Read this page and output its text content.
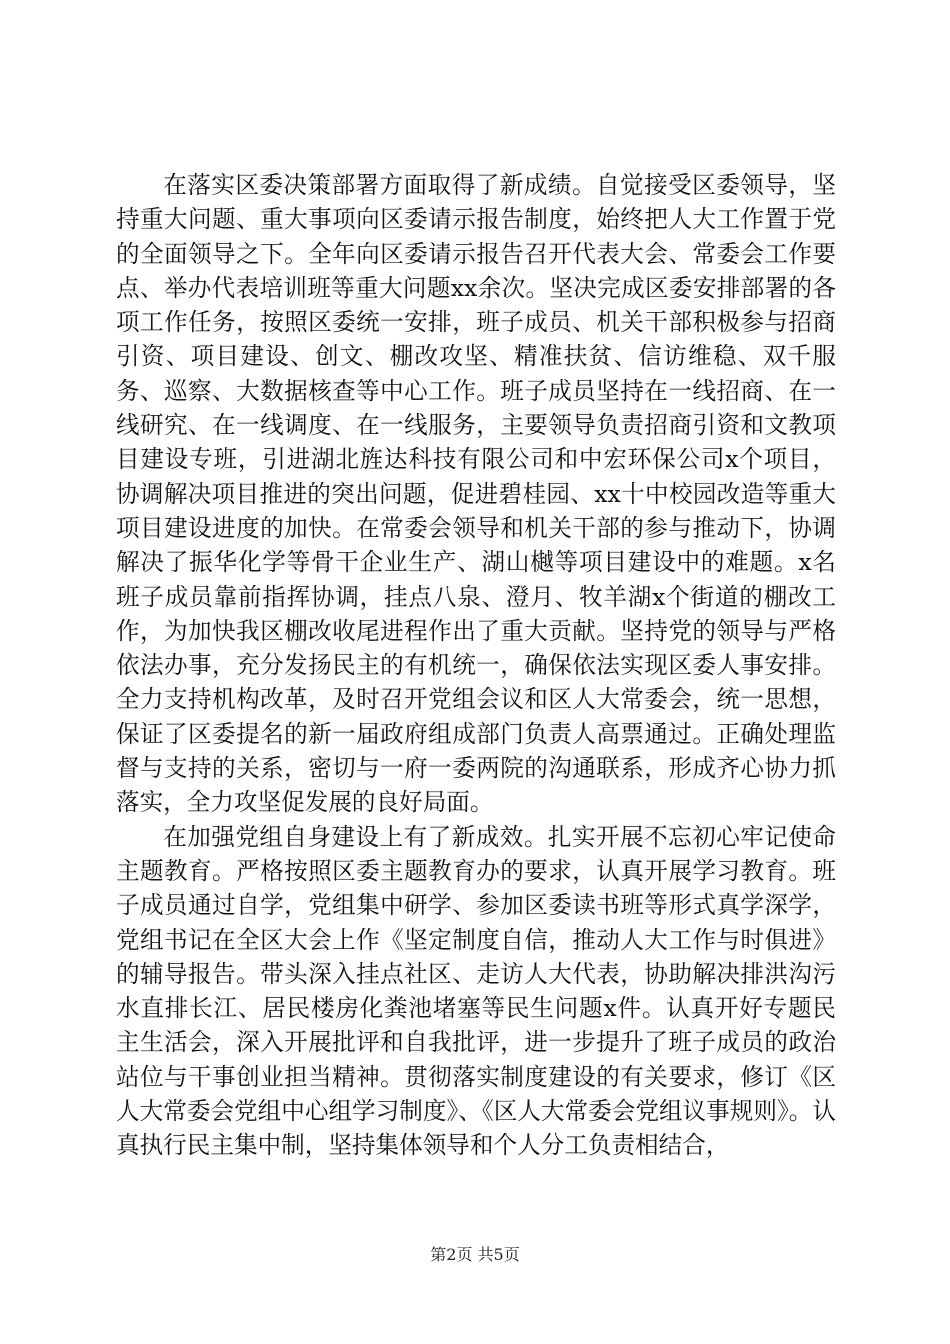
在落实区委决策部署方面取得了新成绩。自觉接受区委领导，坚持重大问题、重大事项向区委请示报告制度，始终把人大工作置于党的全面领导之下。全年向区委请示报告召开代表大会、常委会工作要点、举办代表培训班等重大问题xx余次。坚决完成区委安排部署的各项工作任务，按照区委统一安排，班子成员、机关干部积极参与招商引资、项目建设、创文、棚改攻坚、精准扶贫、信访维稳、双千服务、巡察、大数据核查等中心工作。班子成员坚持在一线招商、在一线研究、在一线调度、在一线服务，主要领导负责招商引资和文教项目建设专班，引进湖北旌达科技有限公司和中宏环保公司x个项目，协调解决项目推进的突出问题，促进碧桂园、xx十中校园改造等重大项目建设进度的加快。在常委会领导和机关干部的参与推动下，协调解决了振华化学等骨干企业生产、湖山樾等项目建设中的难题。x名班子成员靠前指挥协调，挂点八泉、澄月、牧羊湖x个街道的棚改工作，为加快我区棚改收尾进程作出了重大贡献。坚持党的领导与严格依法办事，充分发扬民主的有机统一，确保依法实现区委人事安排。全力支持机构改革，及时召开党组会议和区人大常委会，统一思想，保证了区委提名的新一届政府组成部门负责人高票通过。正确处理监督与支持的关系，密切与一府一委两院的沟通联系，形成齐心协力抓落实，全力攻坚促发展的良好局面。

在加强党组自身建设上有了新成效。扎实开展不忘初心牢记使命主题教育。严格按照区委主题教育办的要求，认真开展学习教育。班子成员通过自学，党组集中研学、参加区委读书班等形式真学深学，党组书记在全区大会上作《坚定制度自信，推动人大工作与时俱进》的辅导报告。带头深入挂点社区、走访人大代表，协助解决排洪沟污水直排长江、居民楼房化粪池堵塞等民生问题x件。认真开好专题民主生活会，深入开展批评和自我批评，进一步提升了班子成员的政治站位与干事创业担当精神。贯彻落实制度建设的有关要求，修订《区人大常委会党组中心组学习制度》、《区人大常委会党组议事规则》。认真执行民主集中制，坚持集体领导和个人分工负责相结合，

第2页 共5页
